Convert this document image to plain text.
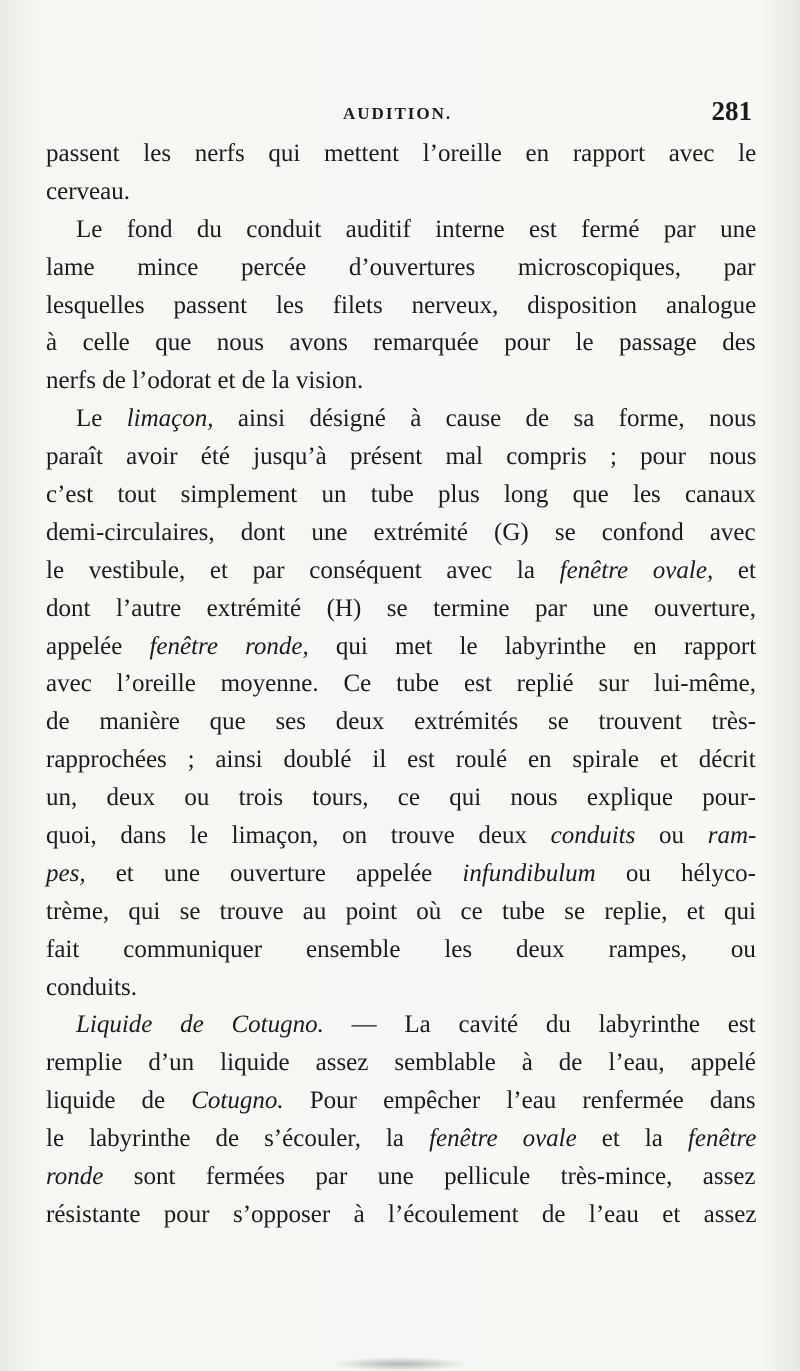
AUDITION.	281
passent les nerfs qui mettent l’oreille en rapport avec le
cerveau.
Le fond du conduit auditif interne est fermé par une
lame mince percée d’ouvertures microscopiques, par
lesquelles passent les filets nerveux, disposition analogue
à celle que nous avons remarquée pour le passage des
nerfs de l’odorat et de la vision.
Le limaçon, ainsi désigné à cause de sa forme, nous
paraît avoir été jusqu’à présent mal compris ; pour nous
c’est tout simplement un tube plus long que les canaux
demi-circulaires, dont une extrémité (G) se confond avec
le vestibule, et par conséquent avec la fenêtre ovale, et
dont l’autre extrémité (H) se termine par une ouverture,
appelée fenêtre ronde, qui met le labyrinthe en rapport
avec l’oreille moyenne. Ce tube est replié sur lui-même,
de manière que ses deux extrémités se trouvent très-
rapprochées ; ainsi doublé il est roulé en spirale et décrit
un, deux ou trois tours, ce qui nous explique pour-
quoi, dans le limaçon, on trouve deux conduits ou ram-
pes, et une ouverture appelée infundibulum ou hélyco-
trème, qui se trouve au point où ce tube se replie, et qui
fait communiquer ensemble les deux rampes, ou
conduits.
Liquide de Cotugno. — La cavité du labyrinthe est
remplie d’un liquide assez semblable à de l’eau, appelé
liquide de Cotugno. Pour empêcher l’eau renfermée dans
le labyrinthe de s’écouler, la fenêtre ovale et la fenêtre
ronde sont fermées par une pellicule très-mince, assez
résistante pour s’opposer à l’écoulement de l’eau et assez
